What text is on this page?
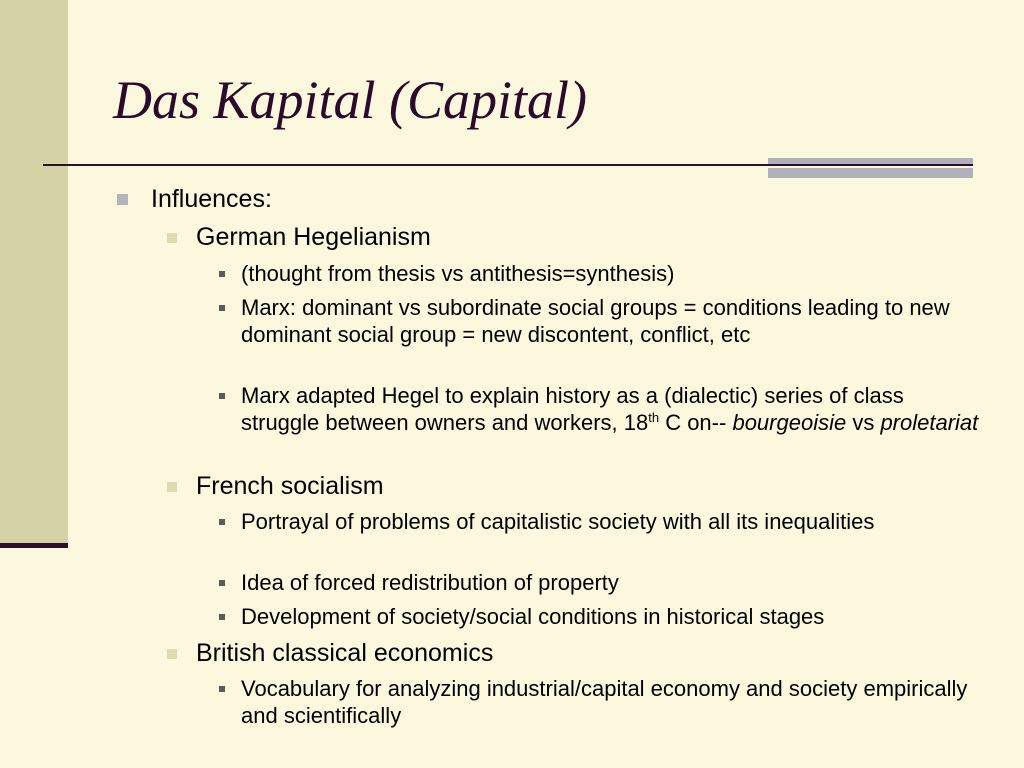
Das Kapital (Capital)
Influences:
German Hegelianism
(thought from thesis vs antithesis=synthesis)
Marx: dominant vs subordinate social groups = conditions leading to new dominant social group = new discontent, conflict, etc
Marx adapted Hegel to explain history as a (dialectic) series of class struggle between owners and workers, 18th C on-- bourgeoisie vs proletariat
French socialism
Portrayal of problems of capitalistic society with all its inequalities
Idea of forced redistribution of property
Development of society/social conditions in historical stages
British classical economics
Vocabulary for analyzing industrial/capital economy and society empirically and scientifically
